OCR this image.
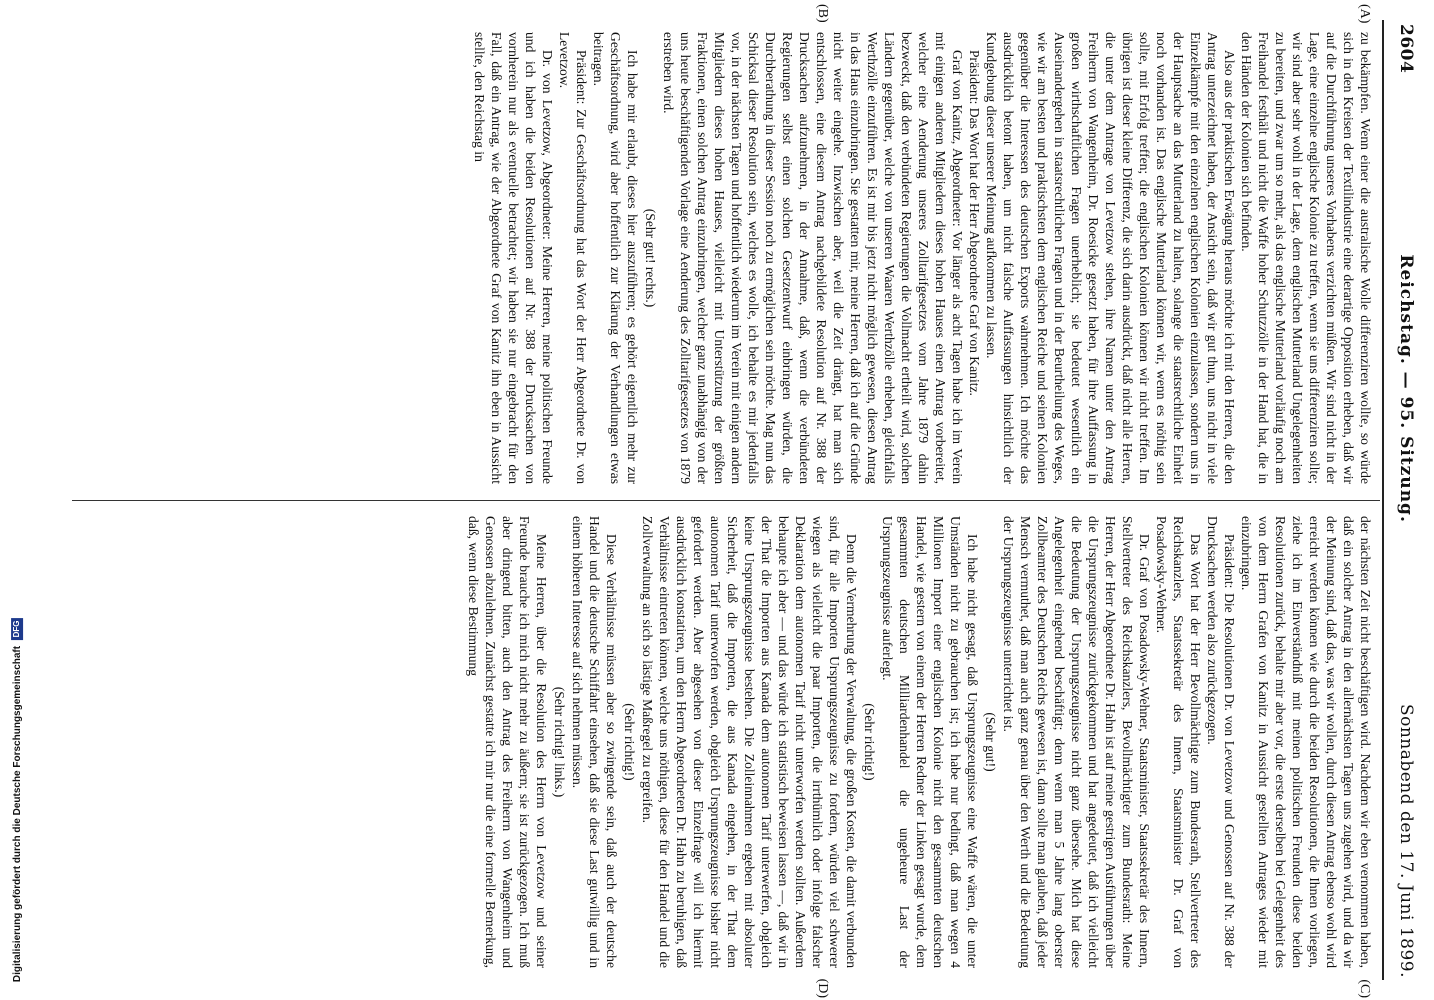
2604
Reichstag. — 95. Sitzung.
Sonnabend den 17. Juni 1899.
(A)
(B)
(C)
(D)

zu bekämpfen. Wenn einer die australische Wolle differenziren wollte, so würde sich in den Kreisen der Textilindustrie eine derartige Opposition erheben, daß wir auf die Durchführung unseres Vorhabens verzichten müßten. Wir sind nicht in der Lage, eine einzelne englische Kolonie zu treffen, wenn sie uns differenziren sollte; wir sind aber sehr wohl in der Lage, dem englischen Mutterland Ungelegenheiten zu bereiten, und zwar um so mehr, als das englische Mutterland vorläufig noch am Freihandel festhält und nicht die Waffe hoher Schutzzölle in der Hand hat, die in den Händen der Kolonien sich befinden.

Also aus der praktischen Erwägung heraus möchte ich mit den Herren, die den Antrag unterzeichnet haben, der Ansicht sein, daß wir gut thun, uns nicht in viele Einzelkämpfe mit den einzelnen englischen Kolonien einzulassen, sondern uns in der Hauptsache an das Mutterland zu halten, solange die staatsrechtliche Einheit noch vorhanden ist. Das englische Mutterland können wir, wenn es nöthig sein sollte, mit Erfolg treffen; die englischen Kolonien können wir nicht treffen. Im übrigen ist dieser kleine Differenz, die sich darin ausdrückt, daß nicht alle Herren, die unter dem Antrage von Levetzow stehen, ihre Namen unter den Antrag Freiherrn von Wangenheim, Dr. Roesicke gesetzt haben, für ihre Auffassung in großen wirthschaftlichen Fragen unerheblich; sie bedeutet wesentlich ein Auseinandergehen in staatsrechtlichen Fragen und in der Beurtheilung des Weges, wie wir am besten und praktischsten dem englischen Reiche und seinen Kolonien gegenüber die Interessen des deutschen Exports wahrnehmen. Ich möchte das ausdrücklich betont haben, um nicht falsche Auffassungen hinsichtlich der Kundgebung dieser unserer Meinung aufkommen zu lassen.

Präsident: Das Wort hat der Herr Abgeordnete Graf von Kanitz.

Graf von Kanitz, Abgeordneter: Vor länger als acht Tagen habe ich im Verein mit einigen anderen Mitgliedern dieses hohen Hauses einen Antrag vorbereitet, welcher eine Aenderung unseres Zolltarifgesetzes vom Jahre 1879 dahin bezweckt, daß den verbündeten Regierungen die Vollmacht ertheilt wird, solchen Ländern gegenüber, welche von unseren Waaren Werthzölle erheben, gleichfalls Werthzölle einzuführen. Es ist mir bis jetzt nicht möglich gewesen, diesen Antrag in das Haus einzubringen. Sie gestatten mir, meine Herren, daß ich auf die Gründe nicht weiter eingehe. Inzwischen aber, weil die Zeit drängt, hat man sich entschlossen, eine diesem Antrag nachgebildete Resolution auf Nr. 388 der Drucksachen aufzunehmen, in der Annahme, daß, wenn die verbündeten Regierungen selbst einen solchen Gesetzentwurf einbringen würden, die Durchberathung in dieser Session noch zu ermöglichen sein möchte. Mag nun das Schicksal dieser Resolution sein, welches es wolle, ich behalte es mir jedenfalls vor, in der nächsten Tagen und hoffentlich wiederum im Verein mit einigen andern Mitgliedern dieses hohen Hauses, vielleicht mit Unterstützung der größten Fraktionen, einen solchen Antrag einzubringen, welcher ganz unabhängig von der uns heute beschäftigenden Vorlage eine Aenderung des Zolltarifgesetzes von 1879 erstreben wird.

(Sehr gut! rechts.)

Ich habe mir erlaubt, dieses hier auszuführen; es gehört eigentlich mehr zur Geschäftsordnung, wird aber hoffentlich zur Klärung der Verhandlungen etwas beitragen.

Präsident: Zur Geschäftsordnung hat das Wort der Herr Abgeordnete Dr. von Levetzow.

Dr. von Levetzow, Abgeordneter: Meine Herren, meine politischen Freunde und ich haben die beiden Resolutionen auf Nr. 388 der Drucksachen von vornherein nur als eventuelle betrachtet; wir haben sie nur eingebracht für den Fall, daß ein Antrag, wie der Abgeordnete Graf von Kanitz ihn eben in Aussicht stellte, den Reichstag in

der nächsten Zeit nicht beschäftigen wird. Nachdem wir eben vernommen haben, daß ein solcher Antrag in den allernächsten Tagen uns zugehen wird, und da wir der Meinung sind, daß das, was wir wollen, durch diesen Antrag ebenso wohl wird erreicht werden können wie durch die beiden Resolutionen, die Ihnen vorliegen, ziehe ich im Einverständniß mit meinen politischen Freunden diese beiden Resolutionen zurück, behalte mir aber vor, die erste derselben bei Gelegenheit des von dem Herrn Grafen von Kanitz in Aussicht gestellten Antrages wieder mit einzubringen.

Präsident: Die Resolutionen Dr. von Levetzow und Genossen auf Nr. 388 der Drucksachen werden also zurückgezogen.

Das Wort hat der Herr Bevollmächtigte zum Bundesrath, Stellvertreter des Reichskanzlers, Staatssekretär des Innern, Staatsminister Dr. Graf von Posadowsky-Wehner.

Dr. Graf von Posadowsky-Wehner, Staatsminister, Staatssekretär des Innern, Stellvertreter des Reichskanzlers, Bevollmächtigter zum Bundesrath: Meine Herren, der Herr Abgeordnete Dr. Hahn ist auf meine gestrigen Ausführungen über die Ursprungszeugnisse zurückgekommen und hat angedeutet, daß ich vielleicht die Bedeutung der Ursprungszeugnisse nicht ganz übersehe. Mich hat diese Angelegenheit eingehend beschäftigt; denn wenn man 5 Jahre lang oberster Zollbeamter des Deutschen Reichs gewesen ist, dann sollte man glauben, daß jeder Mensch vermuthet, daß man auch ganz genau über den Werth und die Bedeutung der Ursprungszeugnisse unterrichtet ist.

(Sehr gut!)

Ich habe nicht gesagt, daß Ursprungszeugnisse eine Waffe wären, die unter Umständen nicht zu gebrauchen ist; ich habe nur bedingt, daß man wegen 4 Millionen Import einer englischen Kolonie nicht den gesammten deutschen Handel, wie gestern von einem der Herren Redner der Linken gesagt wurde, dem gesammten deutschen Milliardenhandel die ungeheure Last der Ursprungszeugnisse auferlegt.

(Sehr richtig!)

Denn die Vermehrung der Verwaltung, die großen Kosten, die damit verbunden sind, für alle Importen Ursprungszeugnisse zu fordern, würden viel schwerer wiegen als vielleicht die paar Importen, die irrthümlich oder infolge falscher Deklaration dem autonomen Tarif nicht unterworfen werden sollten. Außerdem behaupte ich aber — und das würde ich statistisch beweisen lassen —, daß wir in der That die Importen aus Kanada dem autonomen Tarif unterwerfen, obgleich keine Ursprungszeugnisse bestehen. Die Zolleinnahmen ergeben mit absoluter Sicherheit, daß die Importen, die aus Kanada eingehen, in der That dem autonomen Tarif unterworfen werden, obgleich Ursprungszeugnisse bisher nicht gefordert werden. Aber abgesehen von dieser Einzelfrage will ich hiermit ausdrücklich konstatiren, um den Herrn Abgeordneten Dr. Hahn zu beruhigen, daß Verhältnisse eintreten können, welche uns nöthigen, diese für den Handel und die Zollverwaltung an sich so lästige Maßregel zu ergreifen.

(Sehr richtig!)

Diese Verhältnisse müssen aber so zwingende sein, daß auch der deutsche Handel und die deutsche Schiffahrt einsehen, daß sie diese Last gutwillig und in einem höheren Interesse auf sich nehmen müssen.

(Sehr richtig! links.)

Meine Herren, über die Resolution des Herrn von Levetzow und seiner Freunde brauche ich mich nicht mehr zu äußern; sie ist zurückgezogen. Ich muß aber dringend bitten, auch den Antrag des Freiherrn von Wangenheim und Genossen abzulehnen. Zunächst gestatte ich mir nur die eine formelle Bemerkung, daß, wenn diese Bestimmung

Digitalisierung gefördert durch die Deutsche Forschungsgemeinschaft
DFG
